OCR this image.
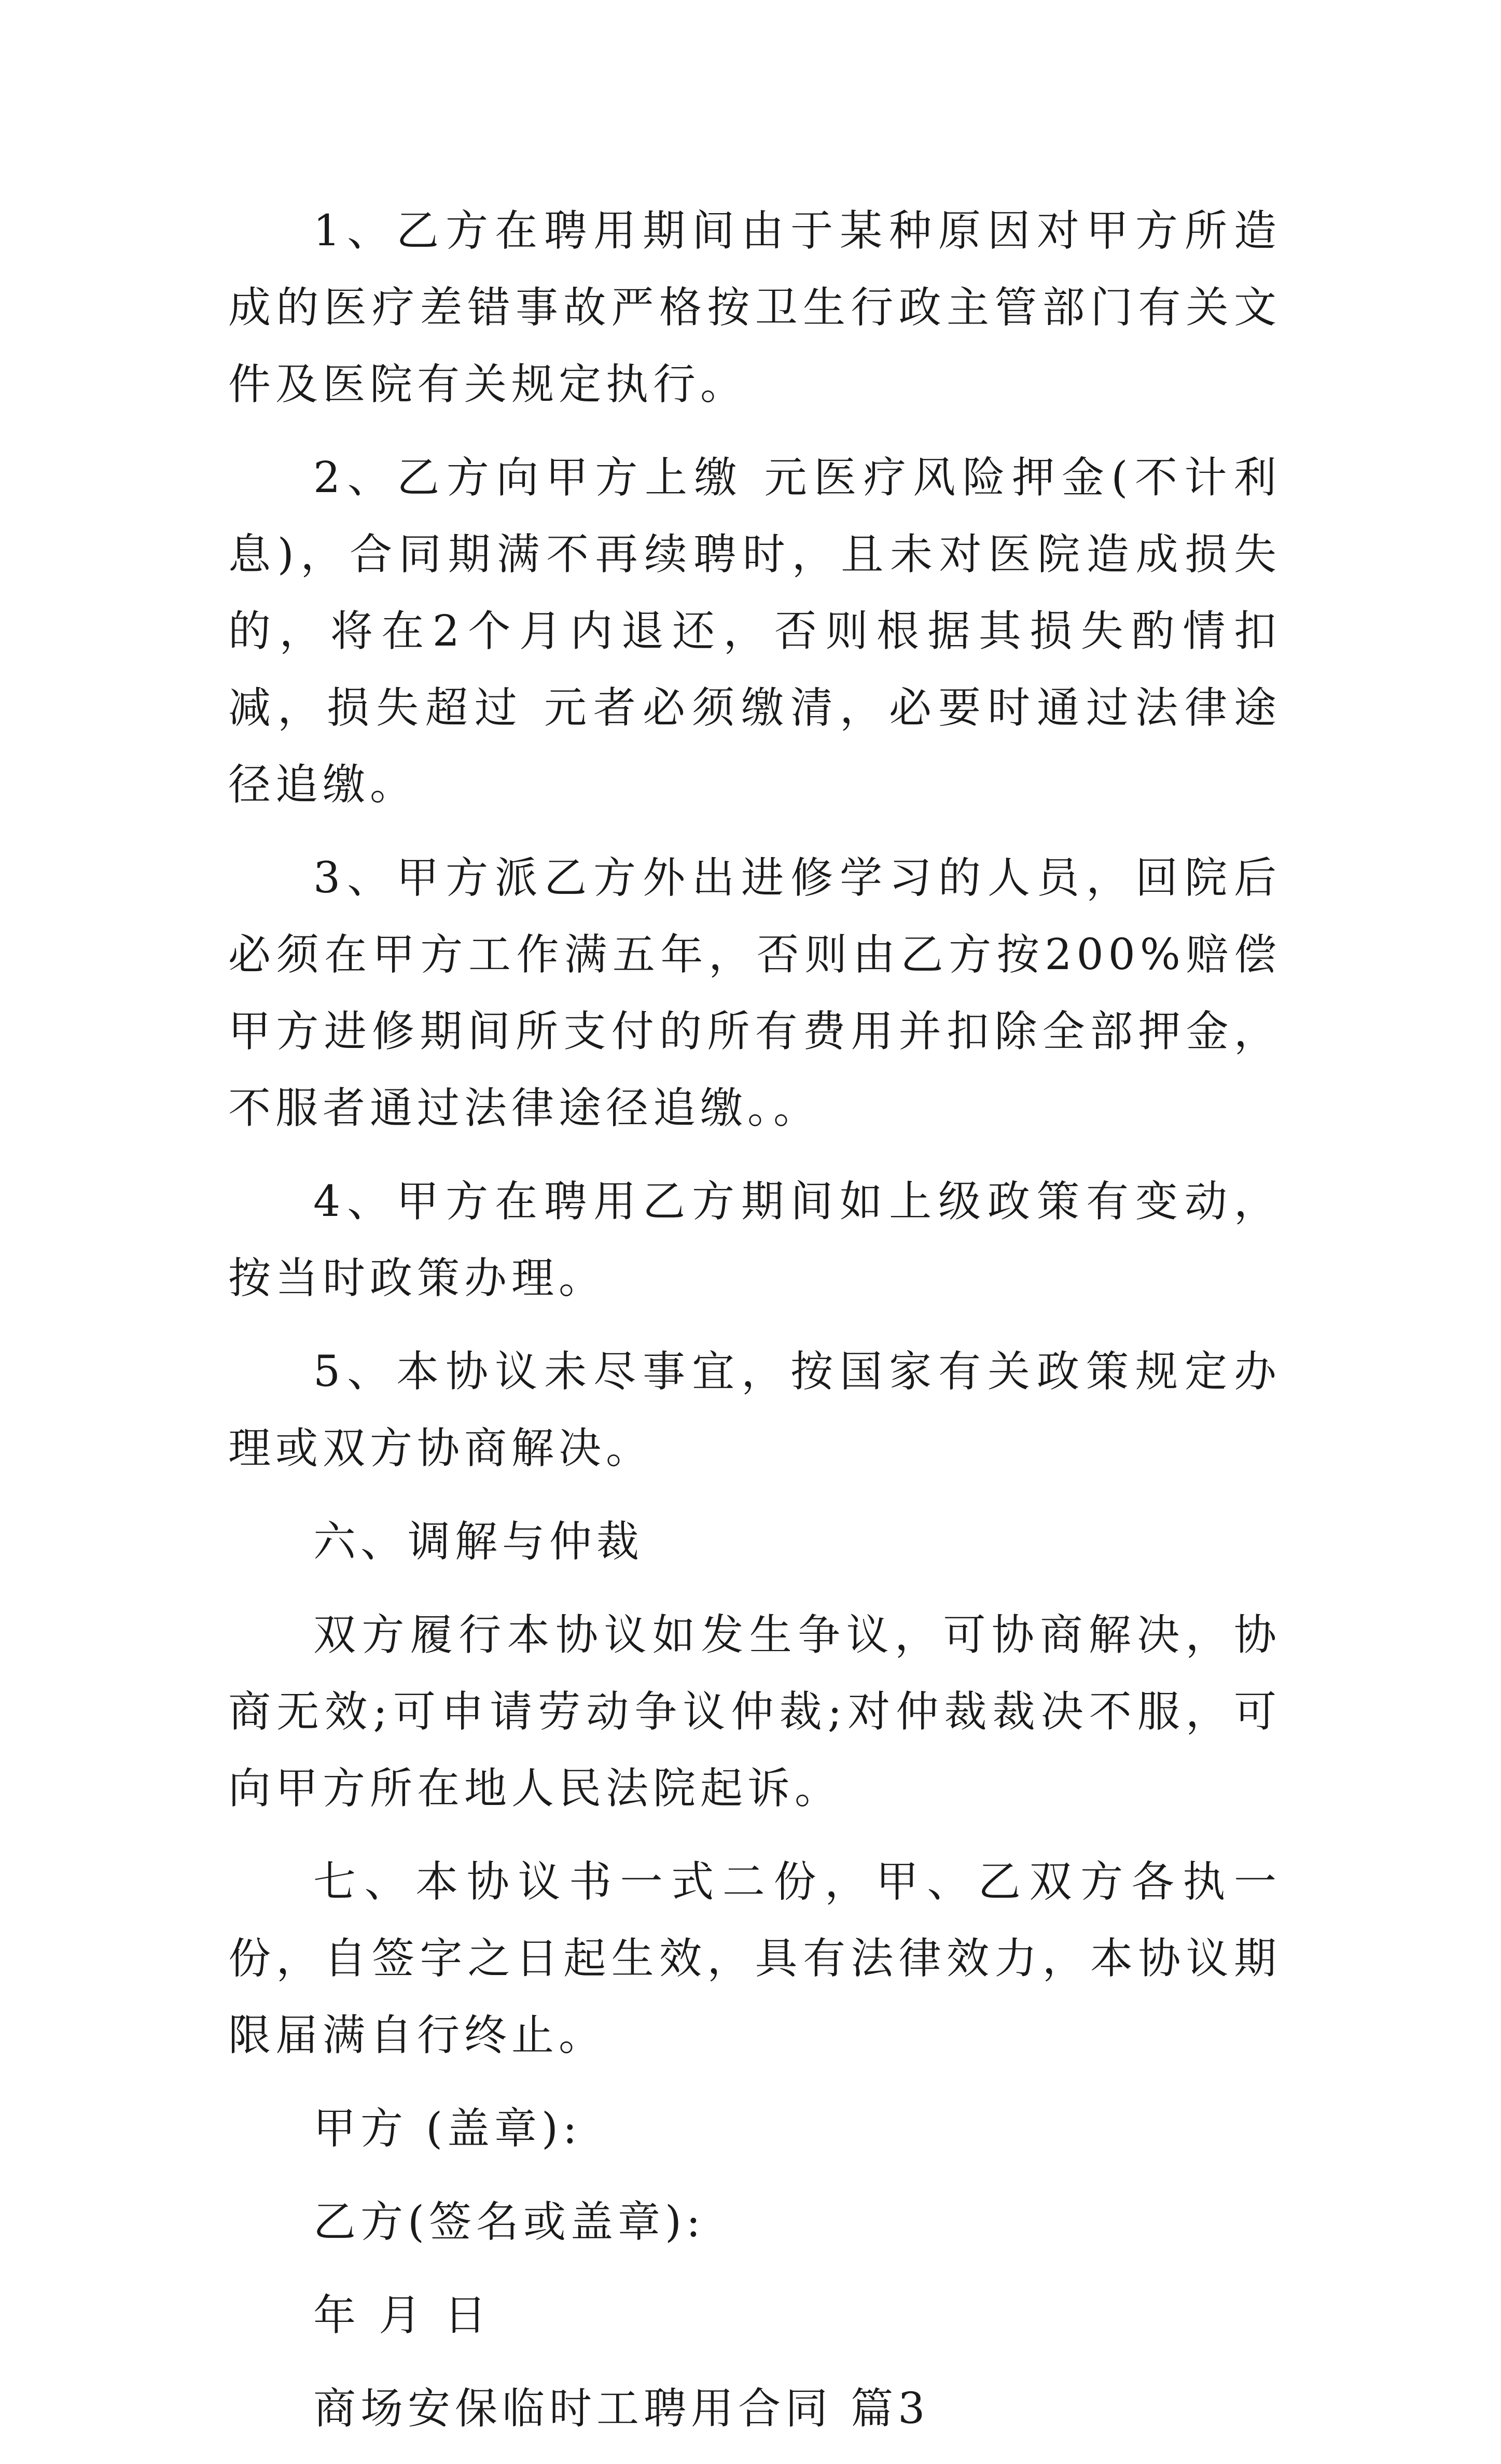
1、乙方在聘用期间由于某种原因对甲方所造成的医疗差错事故严格按卫生行政主管部门有关文件及医院有关规定执行。

2、乙方向甲方上缴 元医疗风险押金(不计利息)，合同期满不再续聘时，且未对医院造成损失的，将在2个月内退还，否则根据其损失酌情扣减，损失超过 元者必须缴清，必要时通过法律途径追缴。

3、甲方派乙方外出进修学习的人员，回院后必须在甲方工作满五年，否则由乙方按200%赔偿甲方进修期间所支付的所有费用并扣除全部押金，不服者通过法律途径追缴。。

4、甲方在聘用乙方期间如上级政策有变动，按当时政策办理。

5、本协议未尽事宜，按国家有关政策规定办理或双方协商解决。

六、调解与仲裁

双方履行本协议如发生争议，可协商解决，协商无效;可申请劳动争议仲裁;对仲裁裁决不服，可向甲方所在地人民法院起诉。

七、本协议书一式二份，甲、乙双方各执一份，自签字之日起生效，具有法律效力，本协议期限届满自行终止。

甲方 (盖章):

乙方(签名或盖章):

年 月 日

商场安保临时工聘用合同 篇3
